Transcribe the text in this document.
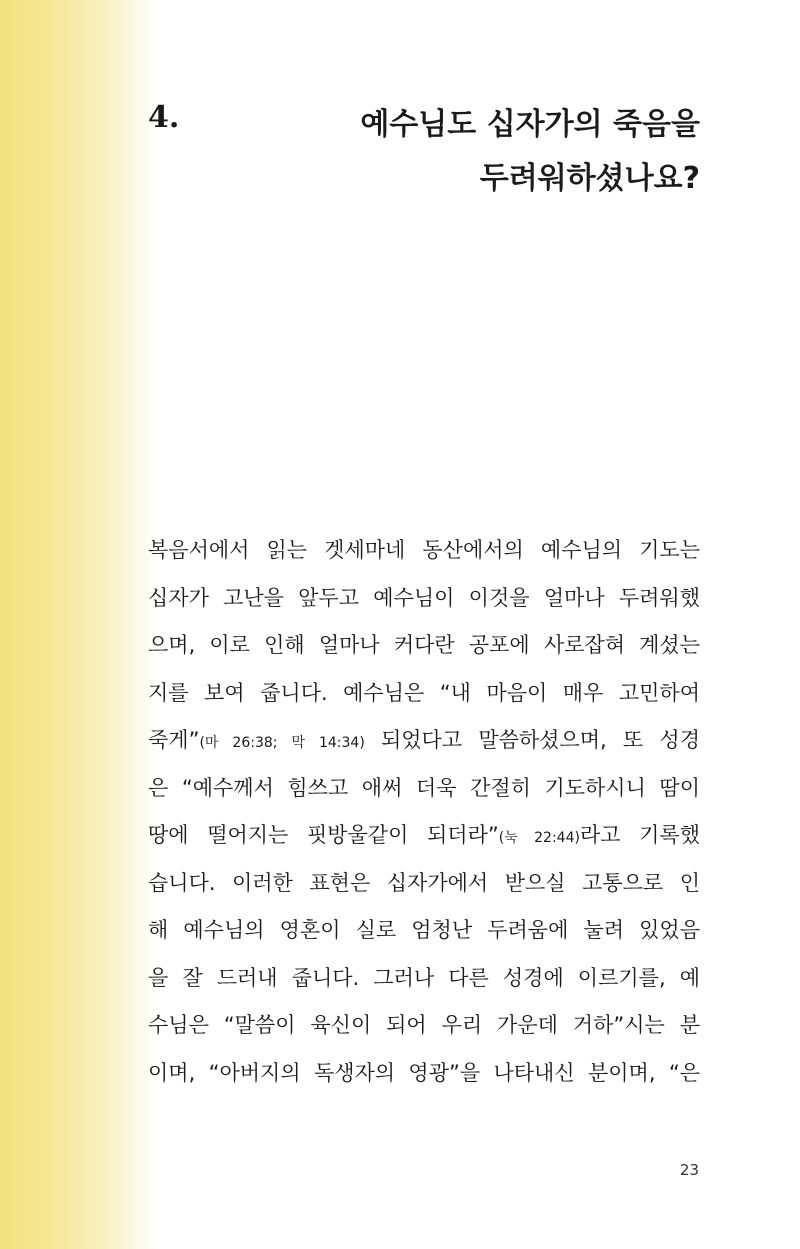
4.	예수님도 십자가의 죽음을
두려워하셨나요?
복음서에서 읽는 겟세마네 동산에서의 예수님의 기도는
십자가 고난을 앞두고 예수님이 이것을 얼마나 두려워했
으며, 이로 인해 얼마나 커다란 공포에 사로잡혀 계셨는
지를 보여 줍니다. 예수님은 “내 마음이 매우 고민하여
죽게”(마 26:38; 막 14:34) 되었다고 말씀하셨으며, 또 성경
은 “예수께서 힘쓰고 애써 더욱 간절히 기도하시니 땀이
땅에 떨어지는 핏방울같이 되더라”(눅 22:44)라고 기록했
습니다. 이러한 표현은 십자가에서 받으실 고통으로 인
해 예수님의 영혼이 실로 엄청난 두려움에 눌려 있었음
을 잘 드러내 줍니다. 그러나 다른 성경에 이르기를, 예
수님은 “말씀이 육신이 되어 우리 가운데 거하”시는 분
이며, “아버지의 독생자의 영광”을 나타내신 분이며, “은
23
